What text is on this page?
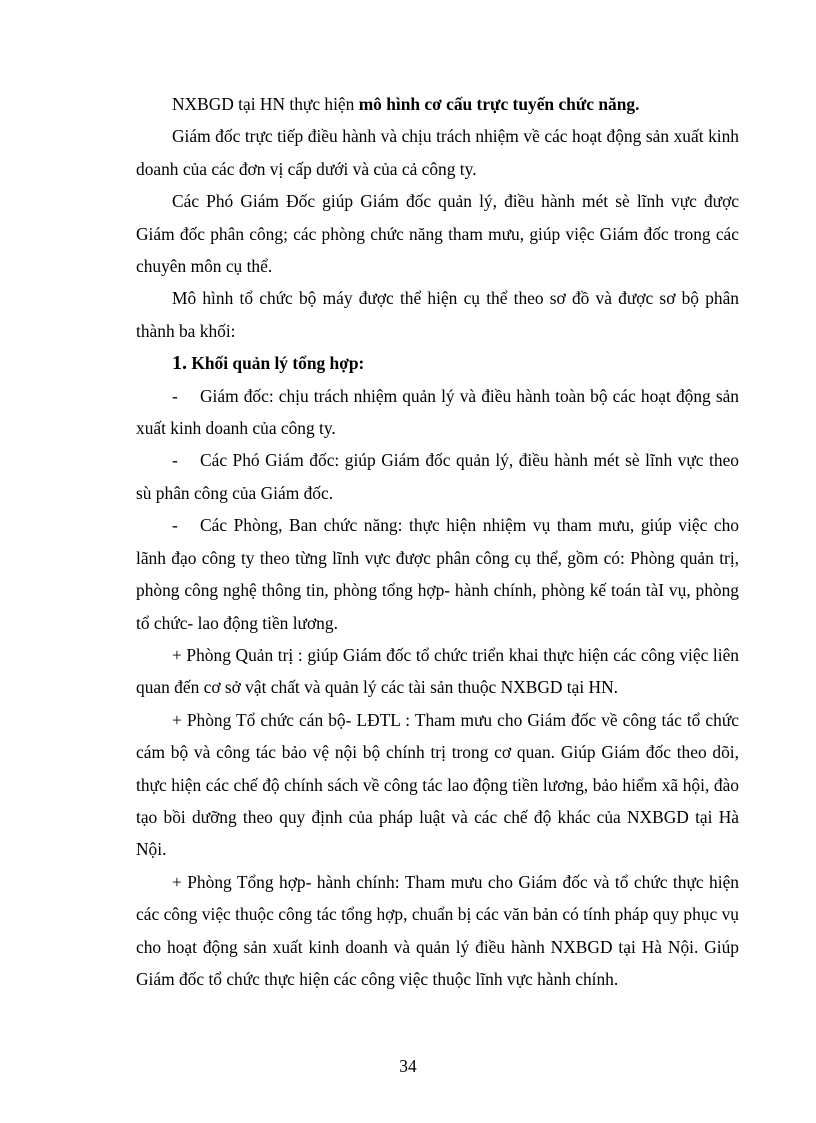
NXBGD tại HN thực hiện mô hình cơ cấu trực tuyến chức năng.

Giám đốc trực tiếp điều hành và chịu trách nhiệm về các hoạt động sản xuất kinh doanh của các đơn vị cấp dưới và của cả công ty.

Các Phó Giám Đốc giúp Giám đốc quản lý, điều hành mét sè lĩnh vực được Giám đốc phân công; các phòng chức năng tham mưu, giúp việc Giám đốc trong các chuyên môn cụ thể.

Mô hình tổ chức bộ máy được thể hiện cụ thể theo sơ đồ và được sơ bộ phân thành ba khối:

1. Khối quản lý tổng hợp:

- Giám đốc: chịu trách nhiệm quản lý và điều hành toàn bộ các hoạt động sản xuất kinh doanh của công ty.

- Các Phó Giám đốc: giúp Giám đốc quản lý, điều hành mét sè lĩnh vực theo sù phân công của Giám đốc.

- Các Phòng, Ban chức năng: thực hiện nhiệm vụ tham mưu, giúp việc cho lãnh đạo công ty theo từng lĩnh vực được phân công cụ thể, gồm có: Phòng quản trị, phòng công nghệ thông tin, phòng tổng hợp- hành chính, phòng kế toán tàI vụ, phòng tổ chức- lao động tiền lương.

+ Phòng Quản trị : giúp Giám đốc tổ chức triển khai thực hiện các công việc liên quan đến cơ sở vật chất và quản lý các tài sản thuộc NXBGD tại HN.

+ Phòng Tổ chức cán bộ- LĐTL : Tham mưu cho Giám đốc về công tác tổ chức cám bộ và công tác bảo vệ nội bộ chính trị trong cơ quan. Giúp Giám đốc theo dõi, thực hiện các chế độ chính sách về công tác lao động tiền lương, bảo hiểm xã hội, đào tạo bồi dưỡng theo quy định của pháp luật và các chế độ khác của NXBGD tại Hà Nội.

+ Phòng Tổng hợp- hành chính: Tham mưu cho Giám đốc và tổ chức thực hiện các công việc thuộc công tác tổng hợp, chuẩn bị các văn bản có tính pháp quy phục vụ cho hoạt động sản xuất kinh doanh và quản lý điều hành NXBGD tại Hà Nội. Giúp Giám đốc tổ chức thực hiện các công việc thuộc lĩnh vực hành chính.

34
